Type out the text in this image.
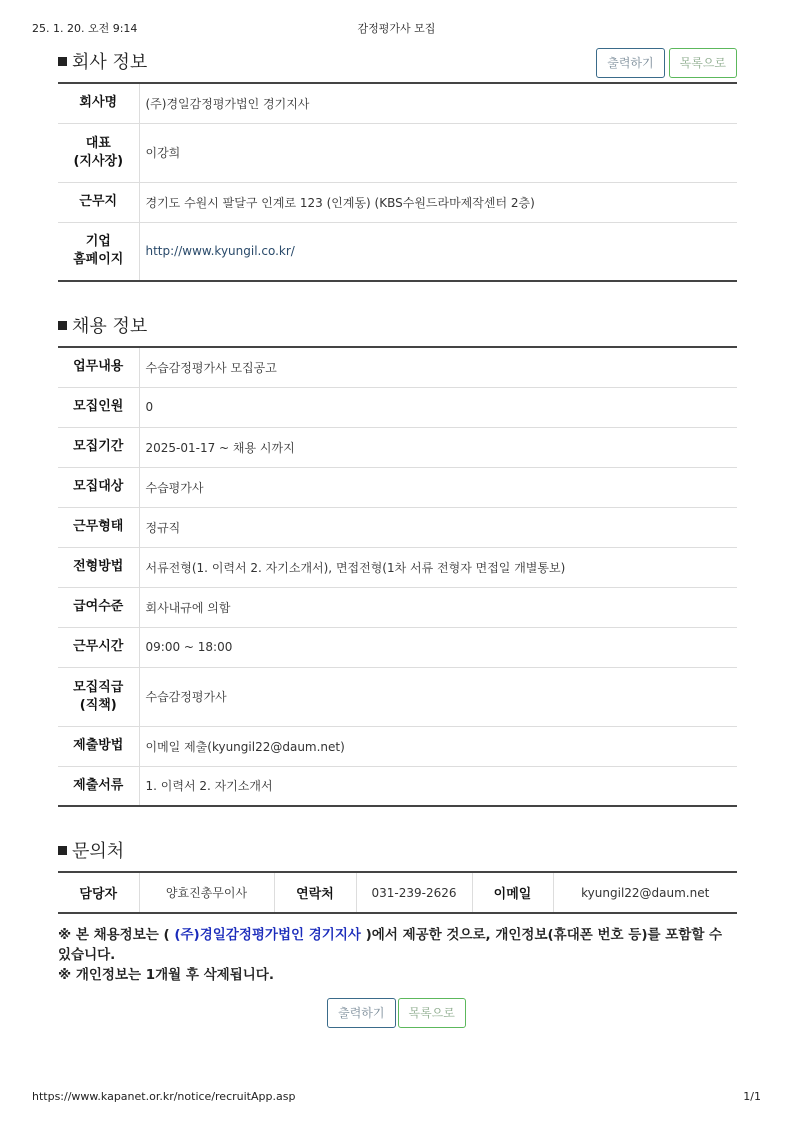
25. 1. 20. 오전 9:14	감정평가사 모집
회사 정보	출력하기 목록으로
회사명	(주)경일감정평가법인 경기지사
대표
(지사장)	이강희
근무지	경기도 수원시 팔달구 인계로 123 (인계동) (KBS수원드라마제작센터 2층)
기업
홈페이지	http://www.kyungil.co.kr/
채용 정보
업무내용	수습감정평가사 모집공고
모집인원	0
모집기간	2025-01-17 ~ 채용 시까지
모집대상	수습평가사
근무형태	정규직
전형방법	서류전형(1. 이력서 2. 자기소개서), 면접전형(1차 서류 전형자 면접일 개별통보)
급여수준	회사내규에 의함
근무시간	09:00 ~ 18:00
모집직급
(직책)	수습감정평가사
제출방법	이메일 제출(kyungil22@daum.net)
제출서류	1. 이력서 2. 자기소개서
문의처
담당자	양효진총무이사	연락처	031-239-2626	이메일	kyungil22@daum.net
※ 본 채용정보는 ( (주)경일감정평가법인 경기지사 )에서 제공한 것으로, 개인정보(휴대폰 번호 등)를 포함할 수 있습니다.
※ 개인정보는 1개월 후 삭제됩니다.
출력하기 목록으로
https://www.kapanet.or.kr/notice/recruitApp.asp	1/1
